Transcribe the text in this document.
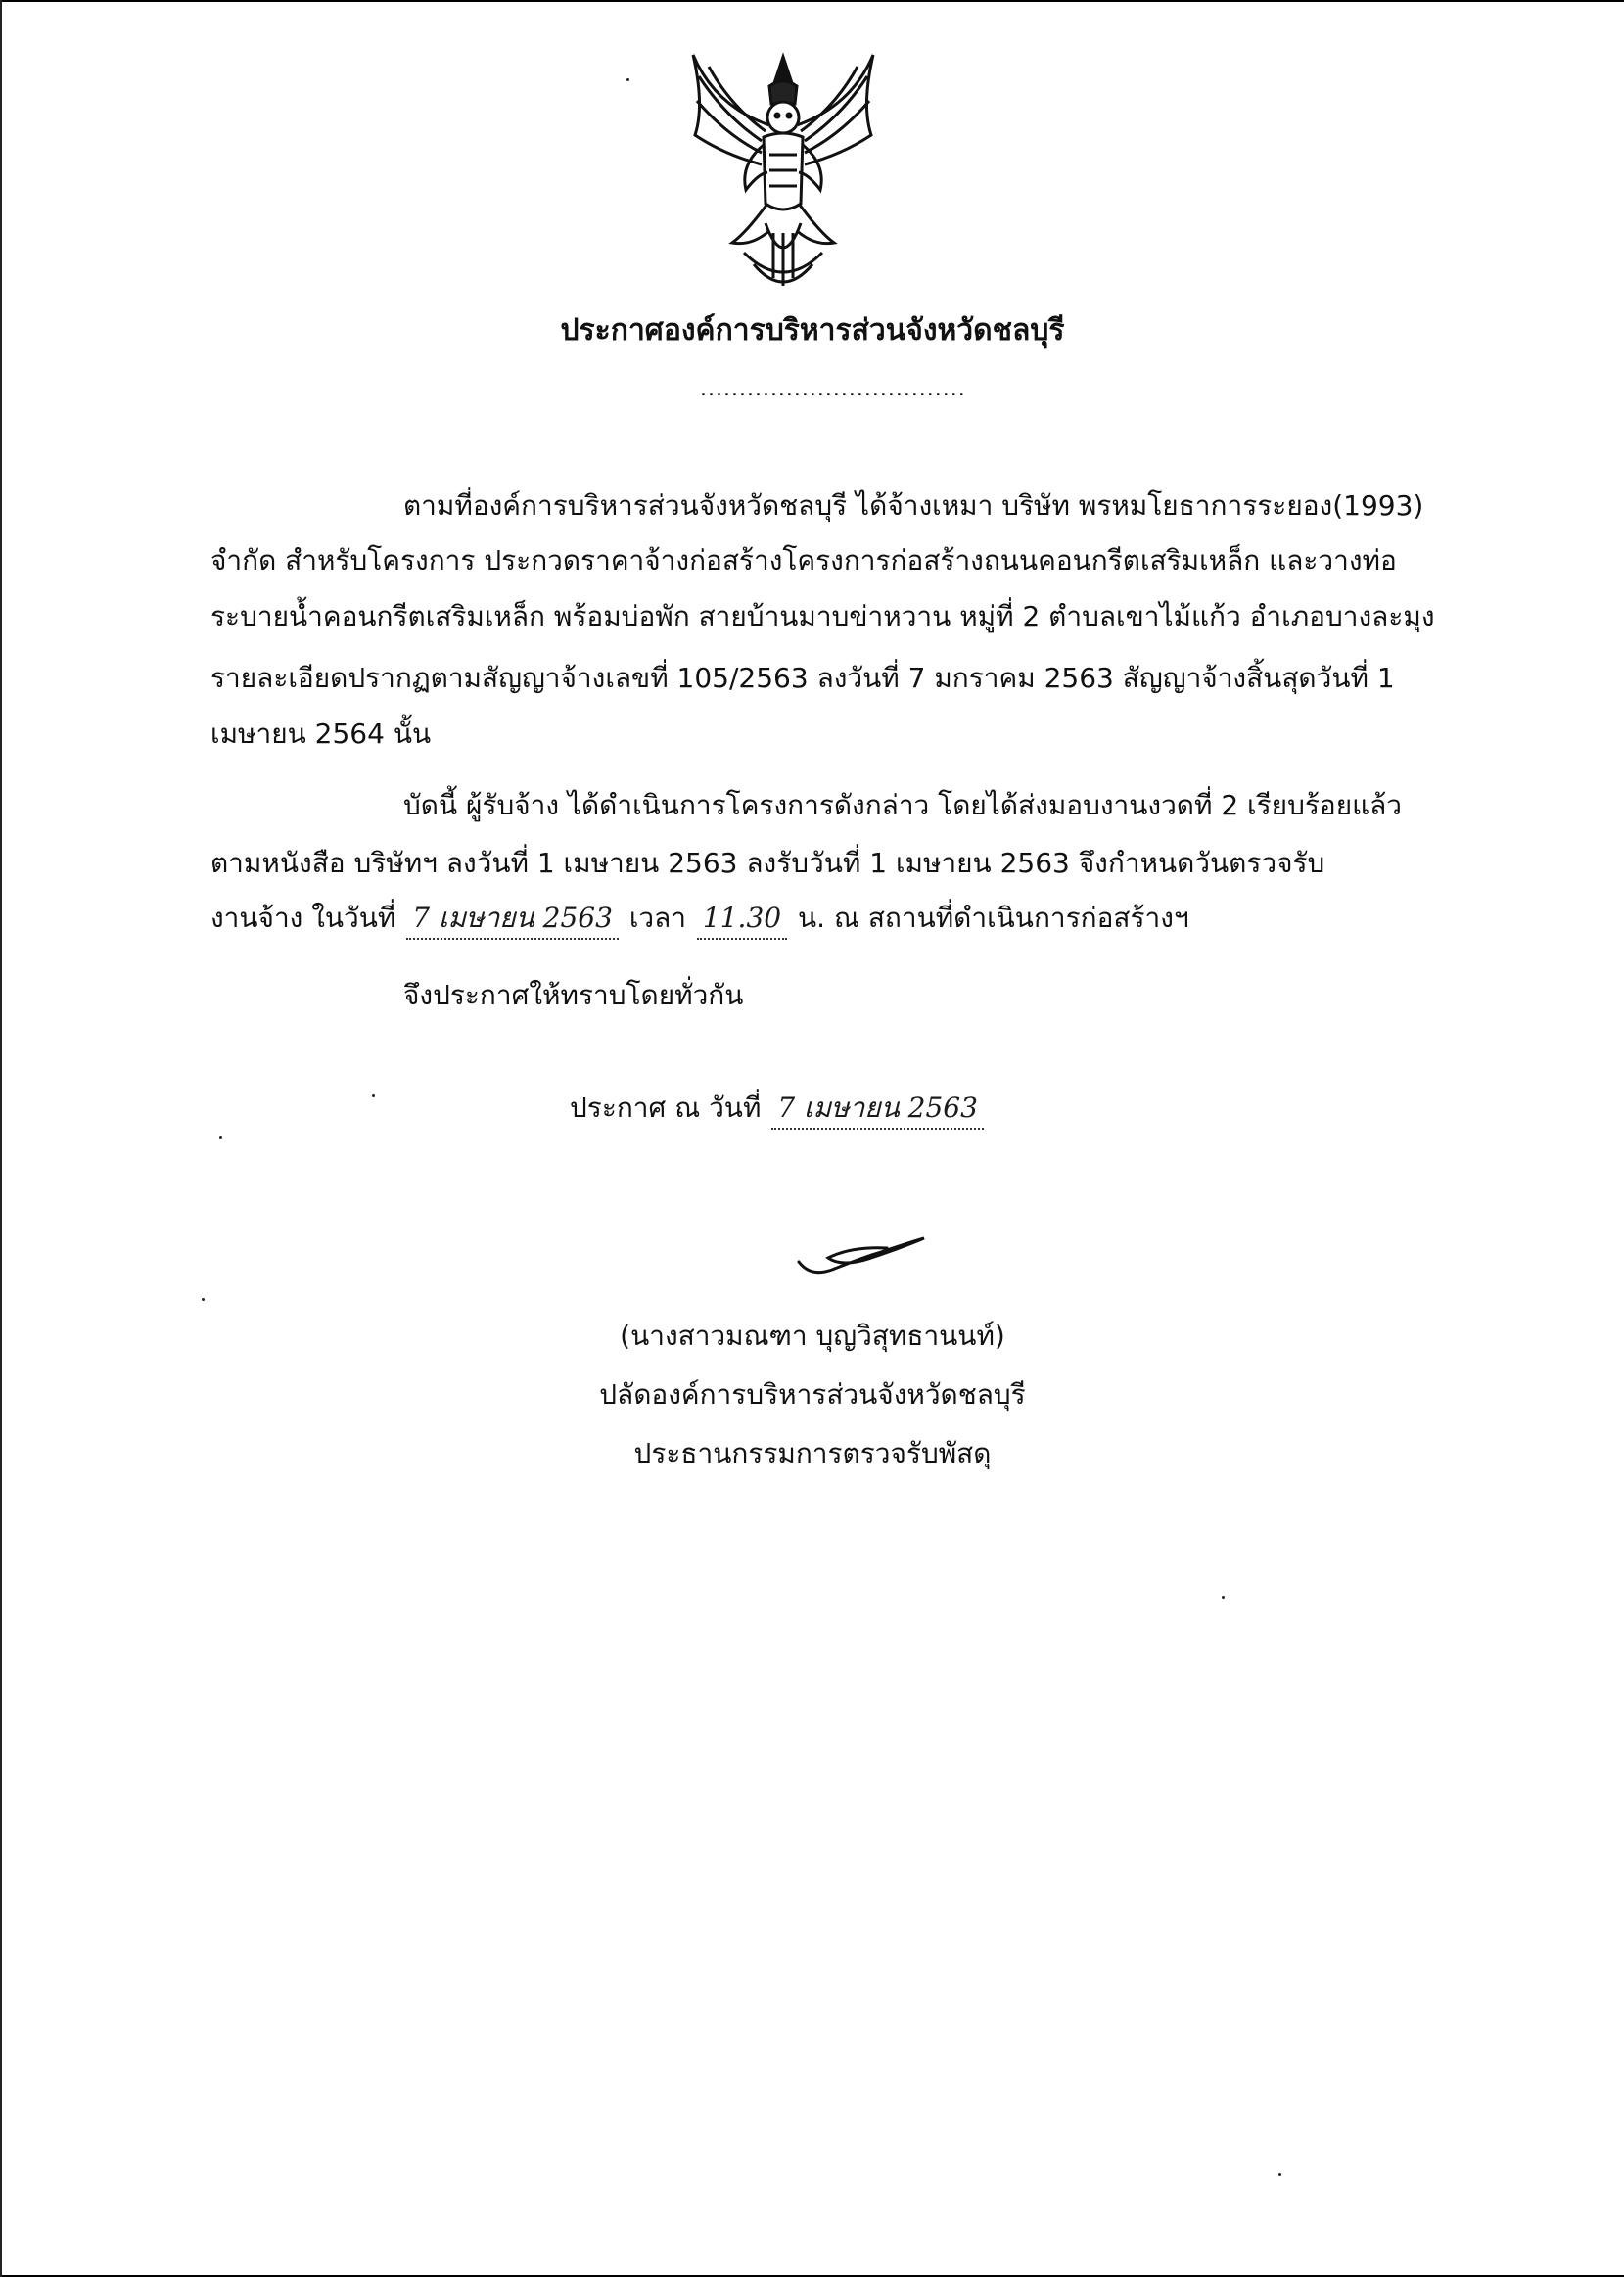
ประกาศองค์การบริหารส่วนจังหวัดชลบุรี
..................................
ตามที่องค์การบริหารส่วนจังหวัดชลบุรี ได้จ้างเหมา บริษัท พรหมโยธาการระยอง(1993)
จำกัด สำหรับโครงการ ประกวดราคาจ้างก่อสร้างโครงการก่อสร้างถนนคอนกรีตเสริมเหล็ก และวางท่อ
ระบายน้ำคอนกรีตเสริมเหล็ก พร้อมบ่อพัก สายบ้านมาบข่าหวาน หมู่ที่ 2 ตำบลเขาไม้แก้ว อำเภอบางละมุง
รายละเอียดปรากฏตามสัญญาจ้างเลขที่ 105/2563 ลงวันที่ 7 มกราคม 2563 สัญญาจ้างสิ้นสุดวันที่ 1
เมษายน 2564 นั้น
บัดนี้ ผู้รับจ้าง ได้ดำเนินการโครงการดังกล่าว โดยได้ส่งมอบงานงวดที่ 2 เรียบร้อยแล้ว
ตามหนังสือ บริษัทฯ ลงวันที่ 1 เมษายน 2563 ลงรับวันที่ 1 เมษายน 2563 จึงกำหนดวันตรวจรับ
งานจ้าง ในวันที่ 7 เมษายน 2563 เวลา 11.30 น. ณ สถานที่ดำเนินการก่อสร้างฯ
จึงประกาศให้ทราบโดยทั่วกัน
ประกาศ ณ วันที่ 7 เมษายน 2563
(นางสาวมณฑา บุญวิสุทธานนท์)
ปลัดองค์การบริหารส่วนจังหวัดชลบุรี
ประธานกรรมการตรวจรับพัสดุ
